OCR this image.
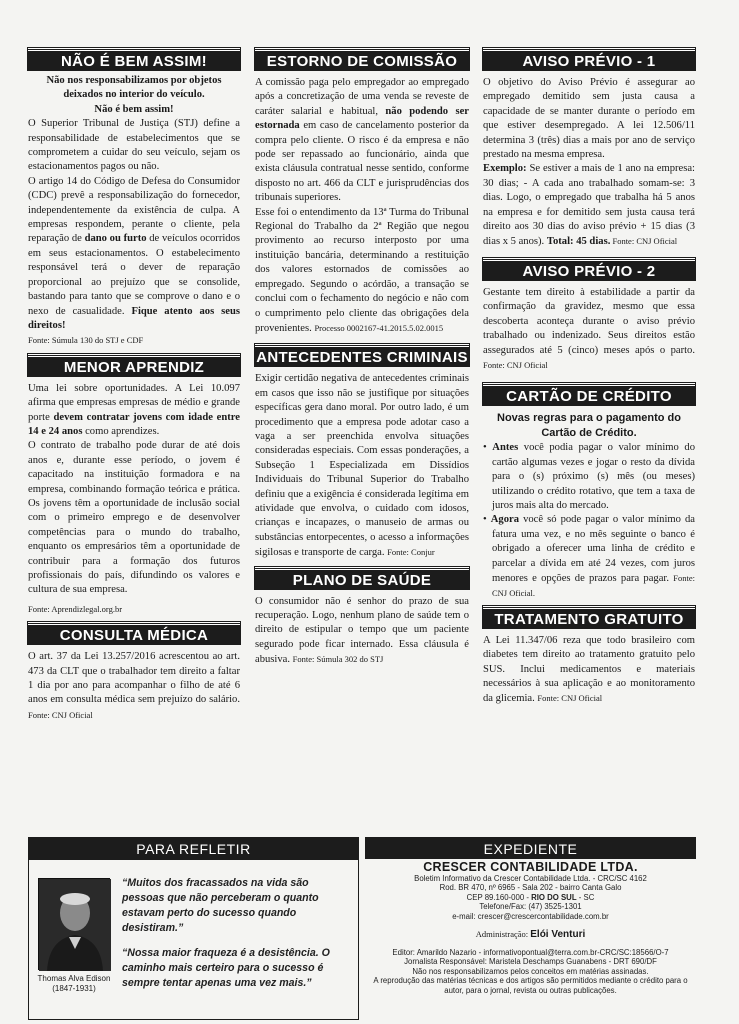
NÃO É BEM ASSIM!

Não nos responsabilizamos por objetos deixados no interior do veículo.

Não é bem assim!

O Superior Tribunal de Justiça (STJ) define a responsabilidade de estabelecimentos que se comprometem a cuidar do seu veículo, sejam os estacionamentos pagos ou não.

O artigo 14 do Código de Defesa do Consumidor (CDC) prevê a responsabilização do fornecedor, independentemente da existência de culpa. A empresas respondem, perante o cliente, pela reparação de dano ou furto de veículos ocorridos em seus estacionamentos. O estabelecimento responsável terá o dever de reparação proporcional ao prejuízo que se consolide, bastando para tanto que se comprove o dano e o nexo de casualidade. Fique atento aos seus direitos!

Fonte: Súmula 130 do STJ e CDF

MENOR APRENDIZ

Uma lei sobre oportunidades. A Lei 10.097 afirma que empresas empresas de médio e grande porte devem contratar jovens com idade entre 14 e 24 anos como aprendizes.

O contrato de trabalho pode durar de até dois anos e, durante esse período, o jovem é capacitado na instituição formadora e na empresa, combinando formação teórica e prática. Os jovens têm a oportunidade de inclusão social com o primeiro emprego e de desenvolver competências para o mundo do trabalho, enquanto os empresários têm a oportunidade de contribuir para a formação dos futuros profissionais do país, difundindo os valores e cultura de sua empresa.

Fonte: Aprendizlegal.org.br

CONSULTA MÉDICA

O art. 37 da Lei 13.257/2016 acrescentou ao art. 473 da CLT que o trabalhador tem direito a faltar 1 dia por ano para acompanhar o filho de até 6 anos em consulta médica sem prejuízo do salário. Fonte: CNJ Oficial

ESTORNO DE COMISSÃO

A comissão paga pelo empregador ao empregado após a concretização de uma venda se reveste de caráter salarial e habitual, não podendo ser estornada em caso de cancelamento posterior da compra pelo cliente. O risco é da empresa e não pode ser repassado ao funcionário, ainda que exista cláusula contratual nesse sentido, conforme disposto no art. 466 da CLT e jurisprudências dos tribunais superiores.

Esse foi o entendimento da 13ª Turma do Tribunal Regional do Trabalho da 2ª Região que negou provimento ao recurso interposto por uma instituição bancária, determinando a restituição dos valores estornados de comissões ao empregado. Segundo o acórdão, a transação se conclui com o fechamento do negócio e não com o cumprimento pelo cliente das obrigações dela provenientes. Processo 0002167-41.2015.5.02.0015

ANTECEDENTES CRIMINAIS

Exigir certidão negativa de antecedentes criminais em casos que isso não se justifique por situações específicas gera dano moral. Por outro lado, é um procedimento que a empresa pode adotar caso a vaga a ser preenchida envolva situações consideradas especiais. Com essas ponderações, a Subseção 1 Especializada em Dissídios Individuais do Tribunal Superior do Trabalho definiu que a exigência é considerada legítima em atividade que envolva, o cuidado com idosos, crianças e incapazes, o manuseio de armas ou substâncias entorpecentes, o acesso a informações sigilosas e transporte de carga. Fonte: Conjur

PLANO DE SAÚDE

O consumidor não é senhor do prazo de sua recuperação. Logo, nenhum plano de saúde tem o direito de estipular o tempo que um paciente segurado pode ficar internado. Essa cláusula é abusiva. Fonte: Súmula 302 do STJ

AVISO PRÉVIO - 1

O objetivo do Aviso Prévio é assegurar ao empregado demitido sem justa causa a capacidade de se manter durante o período em que estiver desempregado. A lei 12.506/11 determina 3 (três) dias a mais por ano de serviço prestado na mesma empresa.

Exemplo: Se estiver a mais de 1 ano na empresa: 30 dias; - A cada ano trabalhado somam-se: 3 dias. Logo, o empregado que trabalha há 5 anos na empresa e for demitido sem justa causa terá direito aos 30 dias do aviso prévio + 15 dias (3 dias x 5 anos). Total: 45 dias. Fonte: CNJ Oficial

AVISO PRÉVIO - 2

Gestante tem direito à estabilidade a partir da confirmação da gravidez, mesmo que essa descoberta aconteça durante o aviso prévio trabalhado ou indenizado. Seus direitos estão assegurados até 5 (cinco) meses após o parto. Fonte: CNJ Oficial

CARTÃO DE CRÉDITO

Novas regras para o pagamento do Cartão de Crédito.

• Antes você podia pagar o valor mínimo do cartão algumas vezes e jogar o resto da dívida para o (s) próximo (s) mês (ou meses) utilizando o crédito rotativo, que tem a taxa de juros mais alta do mercado.

• Agora você só pode pagar o valor mínimo da fatura uma vez, e no mês seguinte o banco é obrigado a oferecer uma linha de crédito e parcelar a dívida em até 24 vezes, com juros menores e opções de prazos para pagar. Fonte: CNJ Oficial.

TRATAMENTO GRATUITO

A Lei 11.347/06 reza que todo brasileiro com diabetes tem direito ao tratamento gratuito pelo SUS. Inclui medicamentos e materiais necessários à sua aplicação e ao monitoramento da glicemia. Fonte: CNJ Oficial

PARA REFLETIR
Thomas Alva Edison
(1847-1931)

“Muitos dos fracassados na vida são pessoas que não perceberam o quanto estavam perto do sucesso quando desistiram.”

“Nossa maior fraqueza é a desistência. O caminho mais certeiro para o sucesso é sempre tentar apenas uma vez mais.”

EXPEDIENTE
CRESCER CONTABILIDADE LTDA.
Boletim Informativo da Crescer Contabilidade Ltda. - CRC/SC 4162
Rod. BR 470, nº 6965 - Sala 202 - bairro Canta Galo
CEP 89.160-000 - RIO DO SUL - SC
Telefone/Fax: (47) 3525-1301
e-mail: crescer@crescercontabilidade.com.br
Administração: Elói Venturi
Editor: Amarildo Nazario - informativopontual@terra.com.br-CRC/SC:18566/O-7
Jornalista Responsável: Maristela Deschamps Guanabens - DRT 690/DF
Não nos responsabilizamos pelos conceitos em matérias assinadas.
A reprodução das matérias técnicas e dos artigos são permitidos mediante o crédito para o autor, para o jornal, revista ou outras publicações.
